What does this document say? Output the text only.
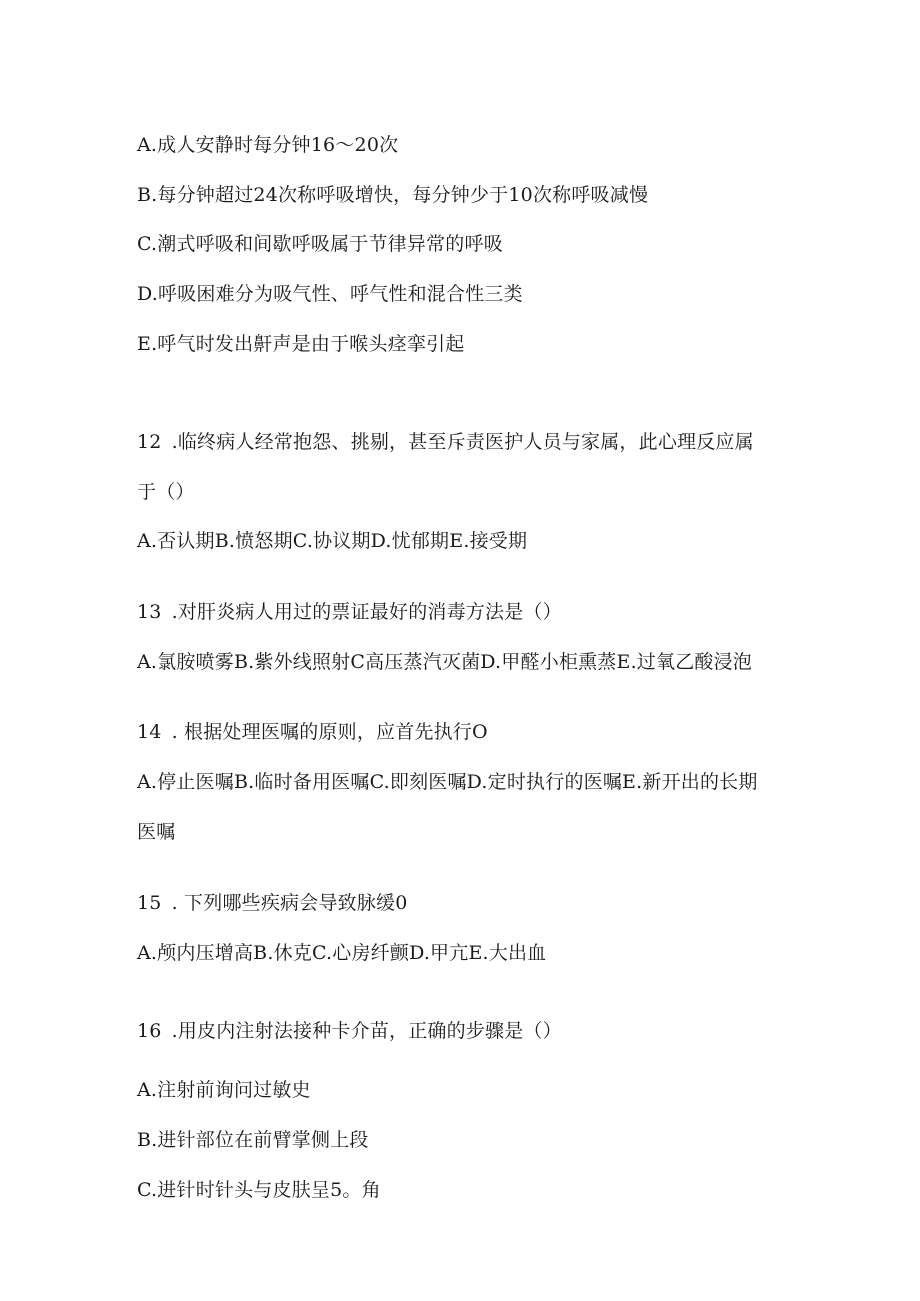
A.成人安静时每分钟16～20次
B.每分钟超过24次称呼吸增快，每分钟少于10次称呼吸减慢
C.潮式呼吸和间歇呼吸属于节律异常的呼吸
D.呼吸困难分为吸气性、呼气性和混合性三类
E.呼气时发出鼾声是由于喉头痉挛引起
12 .临终病人经常抱怨、挑剔，甚至斥责医护人员与家属，此心理反应属
于（）
A.否认期B.愤怒期C.协议期D.忧郁期E.接受期
13 .对肝炎病人用过的票证最好的消毒方法是（）
A.氯胺喷雾B.紫外线照射C高压蒸汽灭菌D.甲醛小柜熏蒸E.过氧乙酸浸泡
14 . 根据处理医嘱的原则，应首先执行O
A.停止医嘱B.临时备用医嘱C.即刻医嘱D.定时执行的医嘱E.新开出的长期
医嘱
15 . 下列哪些疾病会导致脉缓0
A.颅内压增高B.休克C.心房纤颤D.甲亢E.大出血
16 .用皮内注射法接种卡介苗，正确的步骤是（）
A.注射前询问过敏史
B.进针部位在前臂掌侧上段
C.进针时针头与皮肤呈5。角
